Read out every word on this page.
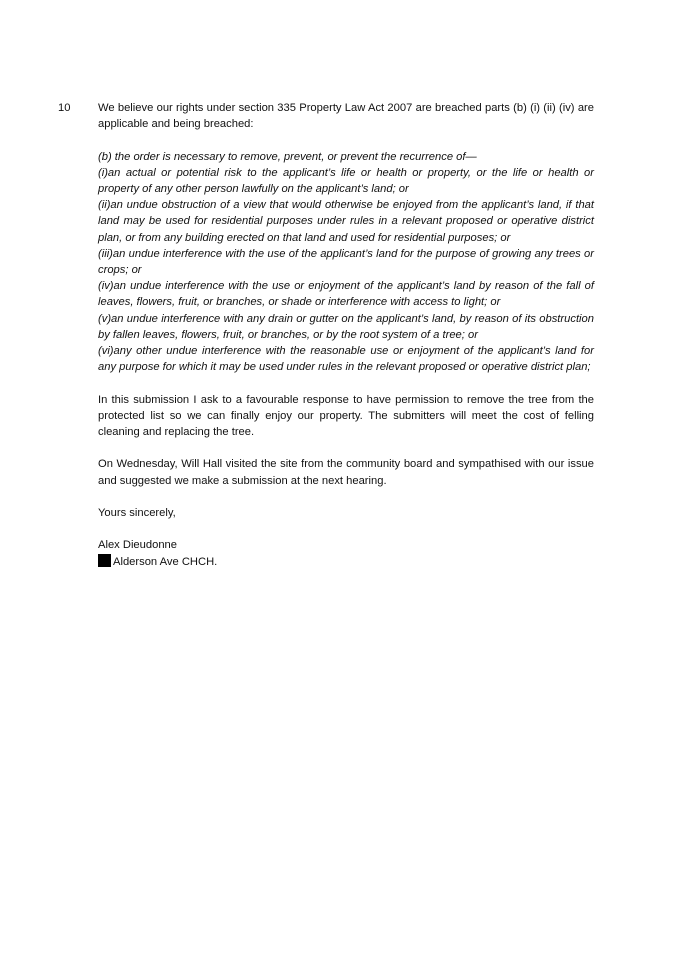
10 We believe our rights under section 335 Property Law Act 2007 are breached parts (b) (i) (ii) (iv) are applicable and being breached:

(b) the order is necessary to remove, prevent, or prevent the recurrence of—

(i)an actual or potential risk to the applicant’s life or health or property, or the life or health or property of any other person lawfully on the applicant’s land; or

(ii)an undue obstruction of a view that would otherwise be enjoyed from the applicant’s land, if that land may be used for residential purposes under rules in a relevant proposed or operative district plan, or from any building erected on that land and used for residential purposes; or

(iii)an undue interference with the use of the applicant’s land for the purpose of growing any trees or crops; or

(iv)an undue interference with the use or enjoyment of the applicant’s land by reason of the fall of leaves, flowers, fruit, or branches, or shade or interference with access to light; or

(v)an undue interference with any drain or gutter on the applicant’s land, by reason of its obstruction by fallen leaves, flowers, fruit, or branches, or by the root system of a tree; or

(vi)any other undue interference with the reasonable use or enjoyment of the applicant’s land for any purpose for which it may be used under rules in the relevant proposed or operative district plan;

In this submission I ask to a favourable response to have permission to remove the tree from the protected list so we can finally enjoy our property. The submitters will meet the cost of felling cleaning and replacing the tree.

On Wednesday, Will Hall visited the site from the community board and sympathised with our issue and suggested we make a submission at the next hearing.

Yours sincerely,

Alex Dieudonne

Alderson Ave CHCH.
